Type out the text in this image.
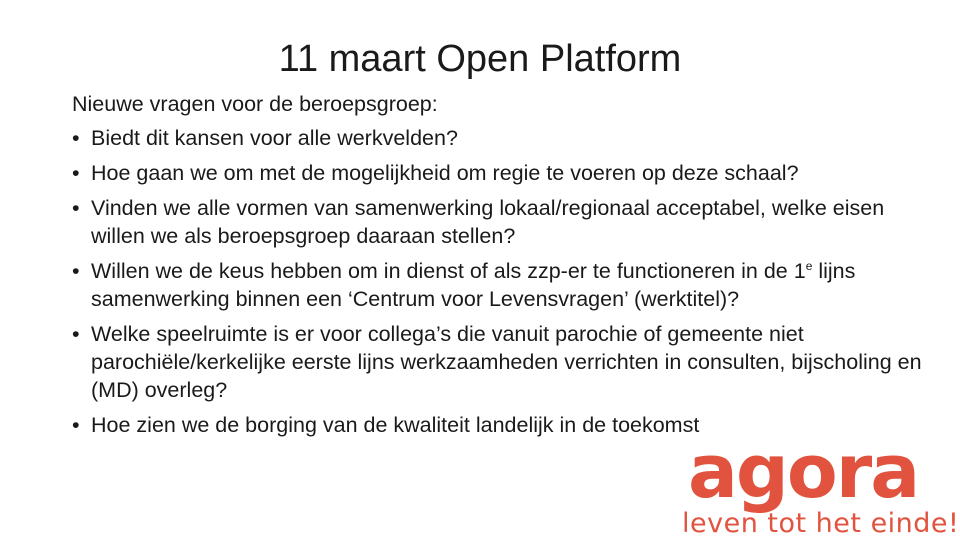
11 maart Open Platform

Nieuwe vragen voor de beroepsgroep:

• Biedt dit kansen voor alle werkvelden?
• Hoe gaan we om met de mogelijkheid om regie te voeren op deze schaal?
• Vinden we alle vormen van samenwerking lokaal/regionaal acceptabel, welke eisen willen we als beroepsgroep daaraan stellen?
• Willen we de keus hebben om in dienst of als zzp-er te functioneren in de 1e lijns samenwerking binnen een ‘Centrum voor Levensvragen’ (werktitel)?
• Welke speelruimte is er voor collega’s die vanuit parochie of gemeente niet parochiële/kerkelijke eerste lijns werkzaamheden verrichten in consulten, bijscholing en (MD) overleg?
• Hoe zien we de borging van de kwaliteit landelijk in de toekomst
agora
leven tot het einde!
